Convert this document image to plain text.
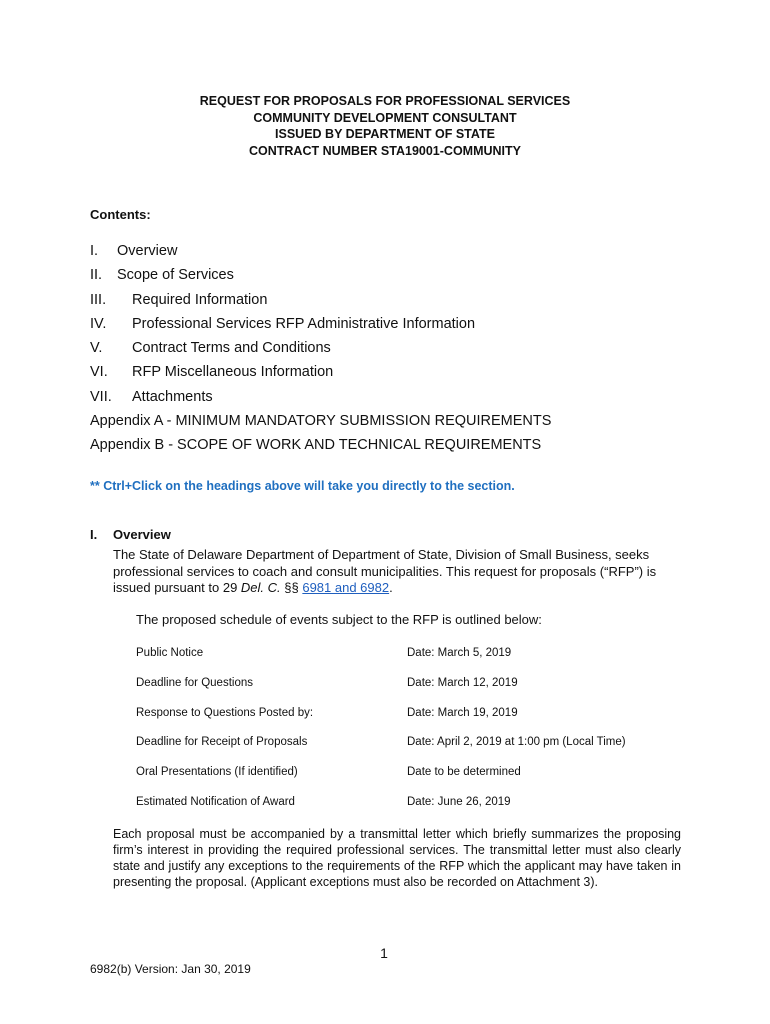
REQUEST FOR PROPOSALS FOR PROFESSIONAL SERVICES
COMMUNITY DEVELOPMENT CONSULTANT
ISSUED BY DEPARTMENT OF STATE
CONTRACT NUMBER STA19001-COMMUNITY
Contents:
I. Overview
II. Scope of Services
III. Required Information
IV. Professional Services RFP Administrative Information
V. Contract Terms and Conditions
VI. RFP Miscellaneous Information
VII. Attachments
Appendix A - MINIMUM MANDATORY SUBMISSION REQUIREMENTS
Appendix B - SCOPE OF WORK AND TECHNICAL REQUIREMENTS
** Ctrl+Click on the headings above will take you directly to the section.
I. Overview
The State of Delaware Department of Department of State, Division of Small Business, seeks professional services to coach and consult municipalities. This request for proposals (“RFP”) is issued pursuant to 29 Del. C. §§ 6981 and 6982.
The proposed schedule of events subject to the RFP is outlined below:
Public Notice	Date: March 5, 2019
Deadline for Questions	Date: March 12, 2019
Response to Questions Posted by:	Date: March 19, 2019
Deadline for Receipt of Proposals	Date: April 2, 2019 at 1:00 pm (Local Time)
Oral Presentations (If identified)	Date to be determined
Estimated Notification of Award	Date: June 26, 2019
Each proposal must be accompanied by a transmittal letter which briefly summarizes the proposing firm’s interest in providing the required professional services. The transmittal letter must also clearly state and justify any exceptions to the requirements of the RFP which the applicant may have taken in presenting the proposal. (Applicant exceptions must also be recorded on Attachment 3).
1
6982(b) Version: Jan 30, 2019
